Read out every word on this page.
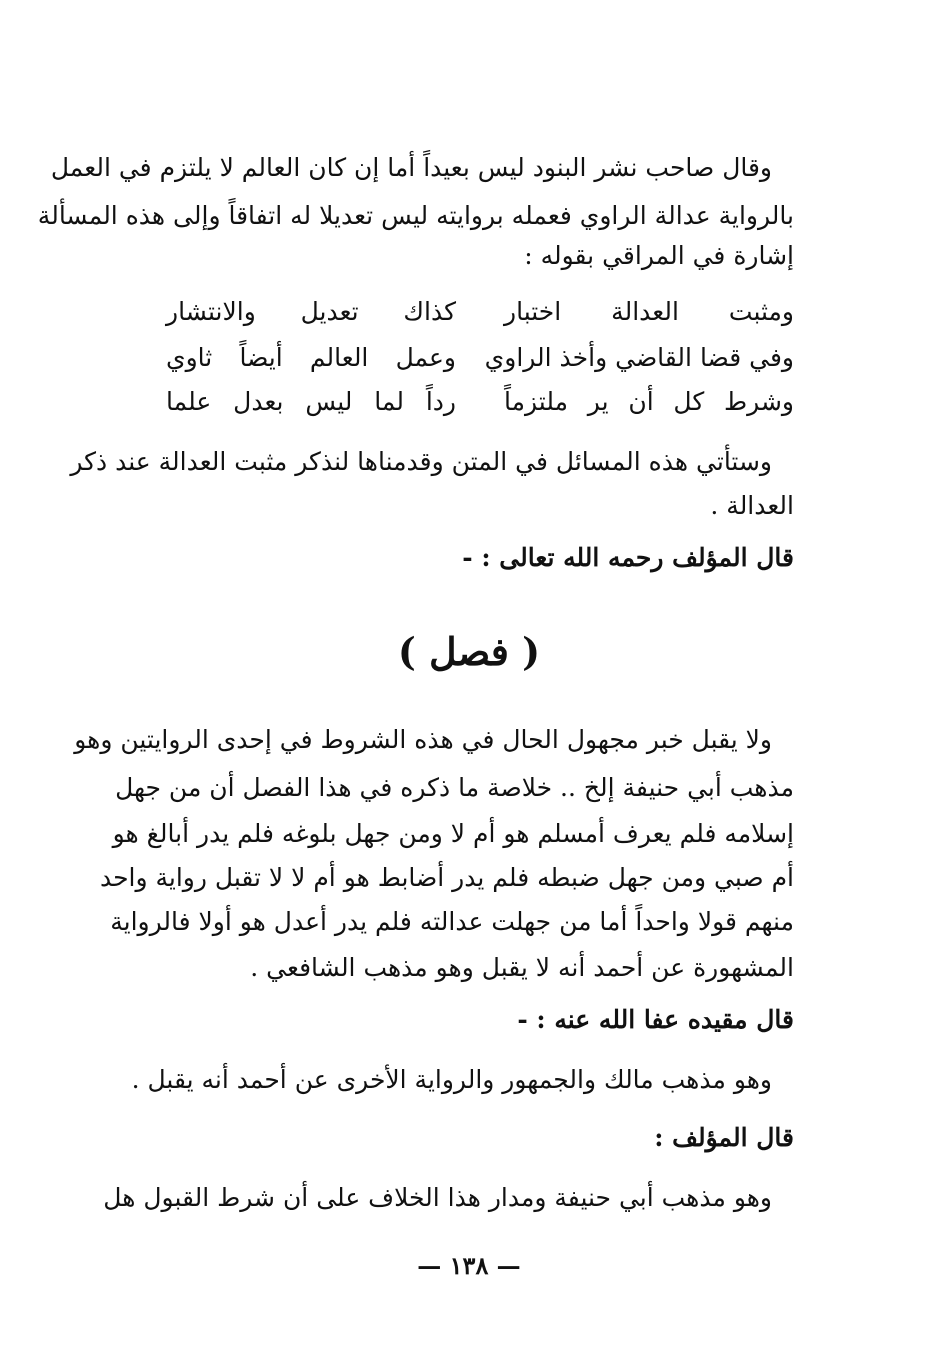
وقال صاحب نشر البنود ليس بعيداً أما إن كان العالم لا يلتزم في العمل
بالرواية عدالة الراوي فعمله بروايته ليس تعديلا له اتفاقاً وإلى هذه المسألة
إشارة في المراقي بقوله :
ومثبت العدالة اختبار
كذاك تعديل والانتشار
وفي قضا القاضي وأخذ الراوي
وعمل العالم أيضاً ثاوي
وشرط كل أن ير ملتزماً
رداً لما ليس بعدل علما
وستأتي هذه المسائل في المتن وقدمناها لنذكر مثبت العدالة عند ذكر
العدالة .
قال المؤلف رحمه الله تعالى : -
( فصل )
ولا يقبل خبر مجهول الحال في هذه الشروط في إحدى الروايتين وهو
مذهب أبي حنيفة إلخ .. خلاصة ما ذكره في هذا الفصل أن من جهل
إسلامه فلم يعرف أمسلم هو أم لا ومن جهل بلوغه فلم يدر أبالغ هو
أم صبي ومن جهل ضبطه فلم يدر أضابط هو أم لا لا تقبل رواية واحد
منهم قولا واحداً أما من جهلت عدالته فلم يدر أعدل هو أولا فالرواية
المشهورة عن أحمد أنه لا يقبل وهو مذهب الشافعي .
قال مقيده عفا الله عنه : -
وهو مذهب مالك والجمهور والرواية الأخرى عن أحمد أنه يقبل .
قال المؤلف :
وهو مذهب أبي حنيفة ومدار هذا الخلاف على أن شرط القبول هل
— ١٣٨ —
